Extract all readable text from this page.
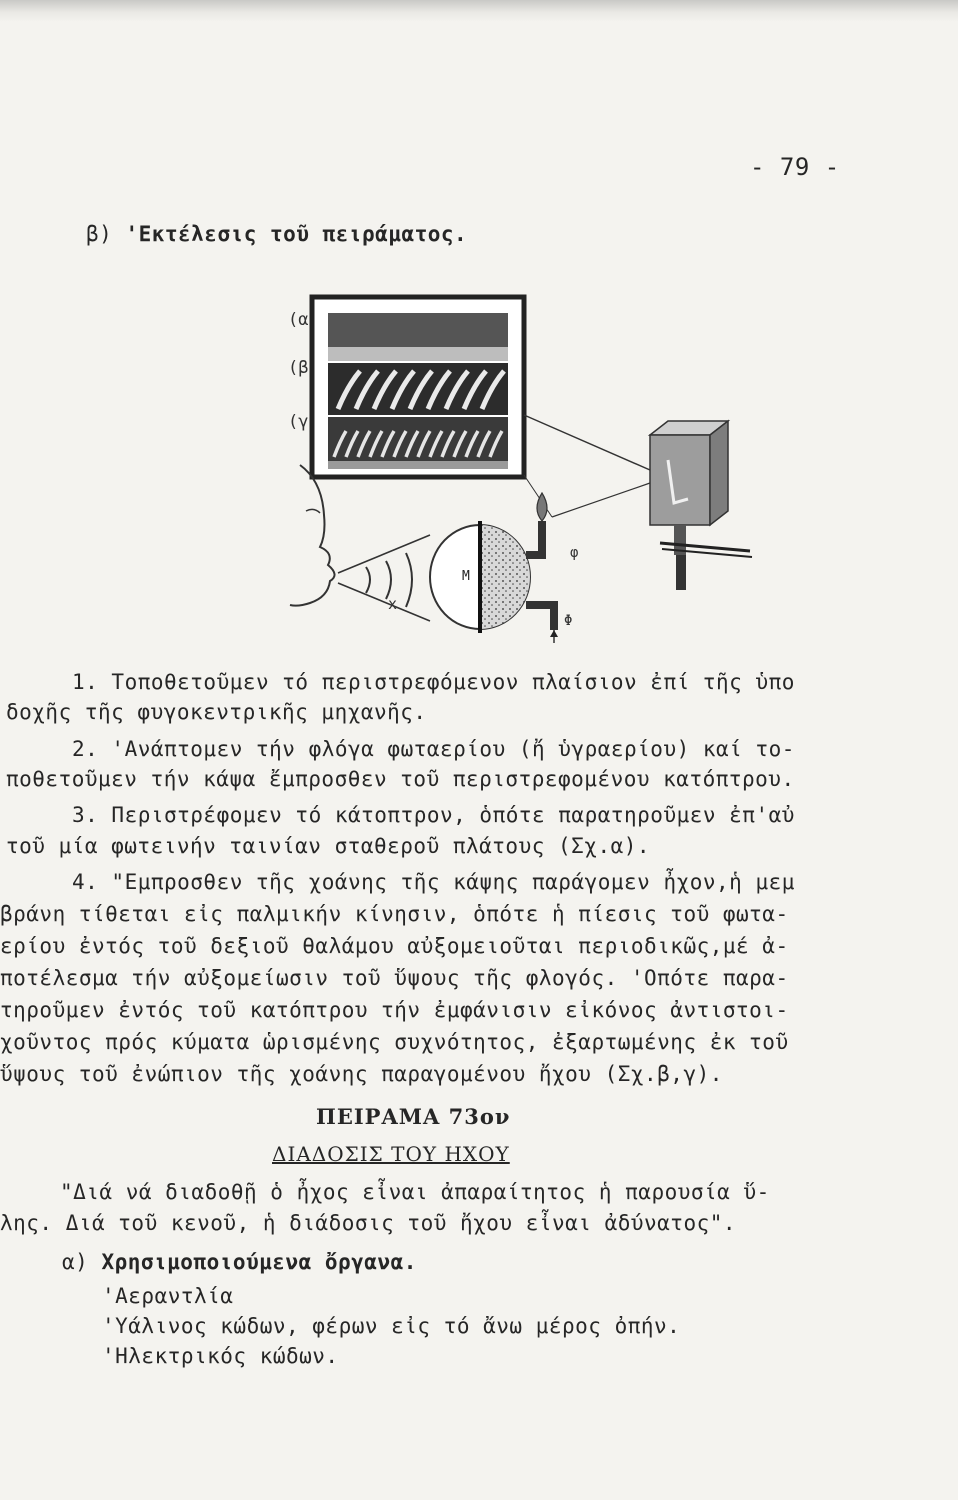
- 79 -
β) 'Εκτέλεσις τοῦ πειράματος.
(α
(β
(γ
x
M
φ
Φ
1. Τοποθετοῦμεν τό περιστρεφόμενον πλαίσιον ἐπί τῆς ὑπο
δοχῆς τῆς φυγοκεντρικῆς μηχανῆς.
2. 'Ανάπτομεν τήν φλόγα φωταερίου (ἤ ὑγραερίου) καί το-
ποθετοῦμεν τήν κάψα ἔμπροσθεν τοῦ περιστρεφομένου κατόπτρου.
3. Περιστρέφομεν τό κάτοπτρον, ὁπότε παρατηροῦμεν ἐπ'αὐ
τοῦ μία φωτεινήν ταινίαν σταθεροῦ πλάτους (Σχ.α).
4. "Εμπροσθεν τῆς χοάνης τῆς κάψης παράγομεν ἦχον,ἡ μεμ
βράνη τίθεται εἰς παλμικήν κίνησιν, ὁπότε ἡ πίεσις τοῦ φωτα-
ερίου ἐντός τοῦ δεξιοῦ θαλάμου αὐξομειοῦται περιοδικῶς,μέ ἀ-
ποτέλεσμα τήν αὐξομείωσιν τοῦ ὕψους τῆς φλογός. 'Οπότε παρα-
τηροῦμεν ἐντός τοῦ κατόπτρου τήν ἐμφάνισιν εἰκόνος ἀντιστοι-
χοῦντος πρός κύματα ὡρισμένης συχνότητος, ἐξαρτωμένης ἐκ τοῦ
ὕψους τοῦ ἐνώπιον τῆς χοάνης παραγομένου ἤχου (Σχ.β,γ).
ΠΕΙΡΑΜΑ 73ον
ΔΙΑΔΟΣΙΣ ΤΟΥ ΗΧΟΥ
"Διά νά διαδοθῇ ὁ ἦχος εἶναι ἀπαραίτητος ἡ παρουσία ὕ-
λης. Διά τοῦ κενοῦ, ἡ διάδοσις τοῦ ἤχου εἶναι ἀδύνατος".
α) Χρησιμοποιούμενα ὄργανα.
'Αεραντλία
'Υάλινος κώδων, φέρων εἰς τό ἄνω μέρος ὀπήν.
'Ηλεκτρικός κώδων.
